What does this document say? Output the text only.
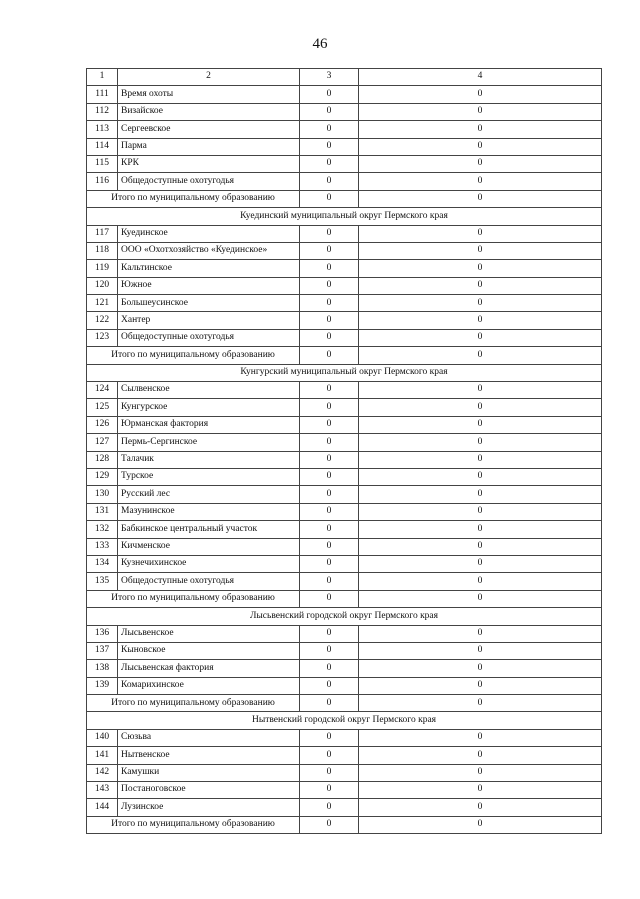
46
1	2	3	4
111	Время охоты	0	0
112	Визайское	0	0
113	Сергеевское	0	0
114	Парма	0	0
115	КРК	0	0
116	Общедоступные охотугодья	0	0
Итого по муниципальному образованию		0	0
Куединский муниципальный округ Пермского края			
117	Куединское	0	0
118	ООО «Охотхозяйство «Куединское»	0	0
119	Кальтинское	0	0
120	Южное	0	0
121	Большеусинское	0	0
122	Хантер	0	0
123	Общедоступные охотугодья	0	0
Итого по муниципальному образованию		0	0
Кунгурский муниципальный округ Пермского края			
124	Сылвенское	0	0
125	Кунгурское	0	0
126	Юрманская фактория	0	0
127	Пермь-Сергинское	0	0
128	Талачик	0	0
129	Турское	0	0
130	Русский лес	0	0
131	Мазунинское	0	0
132	Бабкинское центральный участок	0	0
133	Кичменское	0	0
134	Кузнечихинское	0	0
135	Общедоступные охотугодья	0	0
Итого по муниципальному образованию		0	0
Лысьвенский городской округ Пермского края			
136	Лысьвенское	0	0
137	Кыновское	0	0
138	Лысьвенская фактория	0	0
139	Комарихинское	0	0
Итого по муниципальному образованию		0	0
Нытвенский городской округ Пермского края			
140	Сюзьва	0	0
141	Нытвенское	0	0
142	Камушки	0	0
143	Постаноговское	0	0
144	Лузинское	0	0
Итого по муниципальному образованию		0	0
